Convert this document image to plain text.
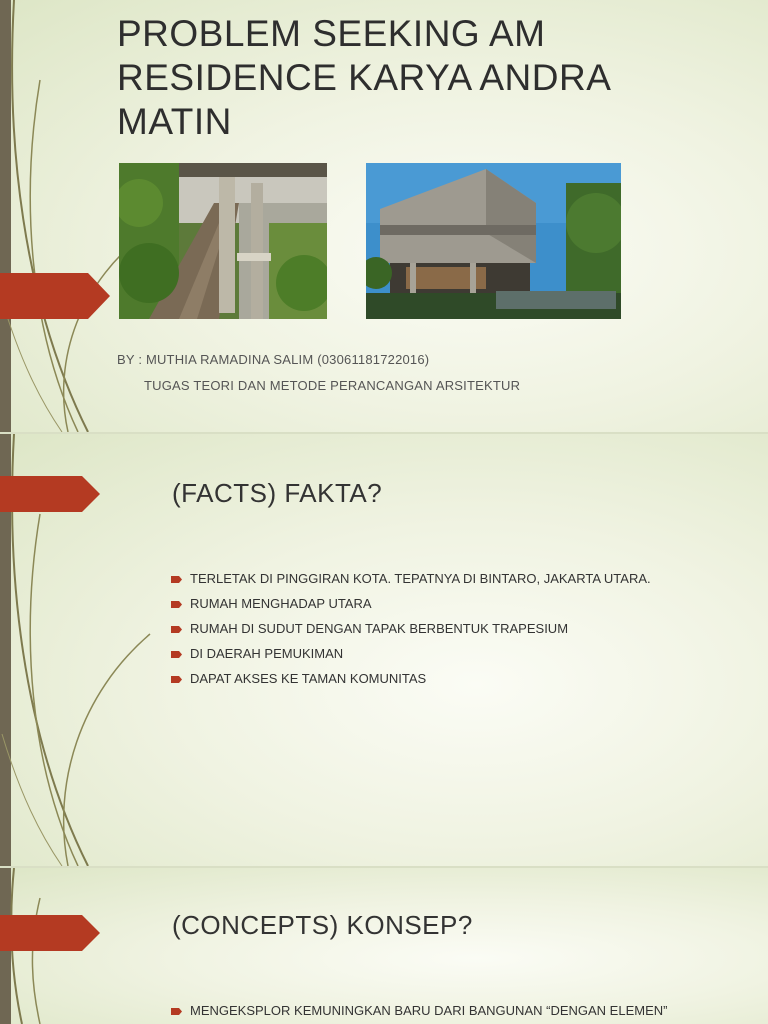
PROBLEM SEEKING AM RESIDENCE KARYA ANDRA MATIN
BY : MUTHIA RAMADINA SALIM (03061181722016)
TUGAS TEORI DAN METODE PERANCANGAN ARSITEKTUR
(FACTS) FAKTA?
TERLETAK DI PINGGIRAN KOTA. TEPATNYA DI BINTARO, JAKARTA UTARA.
RUMAH MENGHADAP UTARA
RUMAH DI SUDUT DENGAN TAPAK BERBENTUK TRAPESIUM
DI DAERAH PEMUKIMAN
DAPAT AKSES KE TAMAN KOMUNITAS
(CONCEPTS) KONSEP?
MENGEKSPLOR KEMUNINGKAN BARU DARI BANGUNAN “DENGAN ELEMEN”
